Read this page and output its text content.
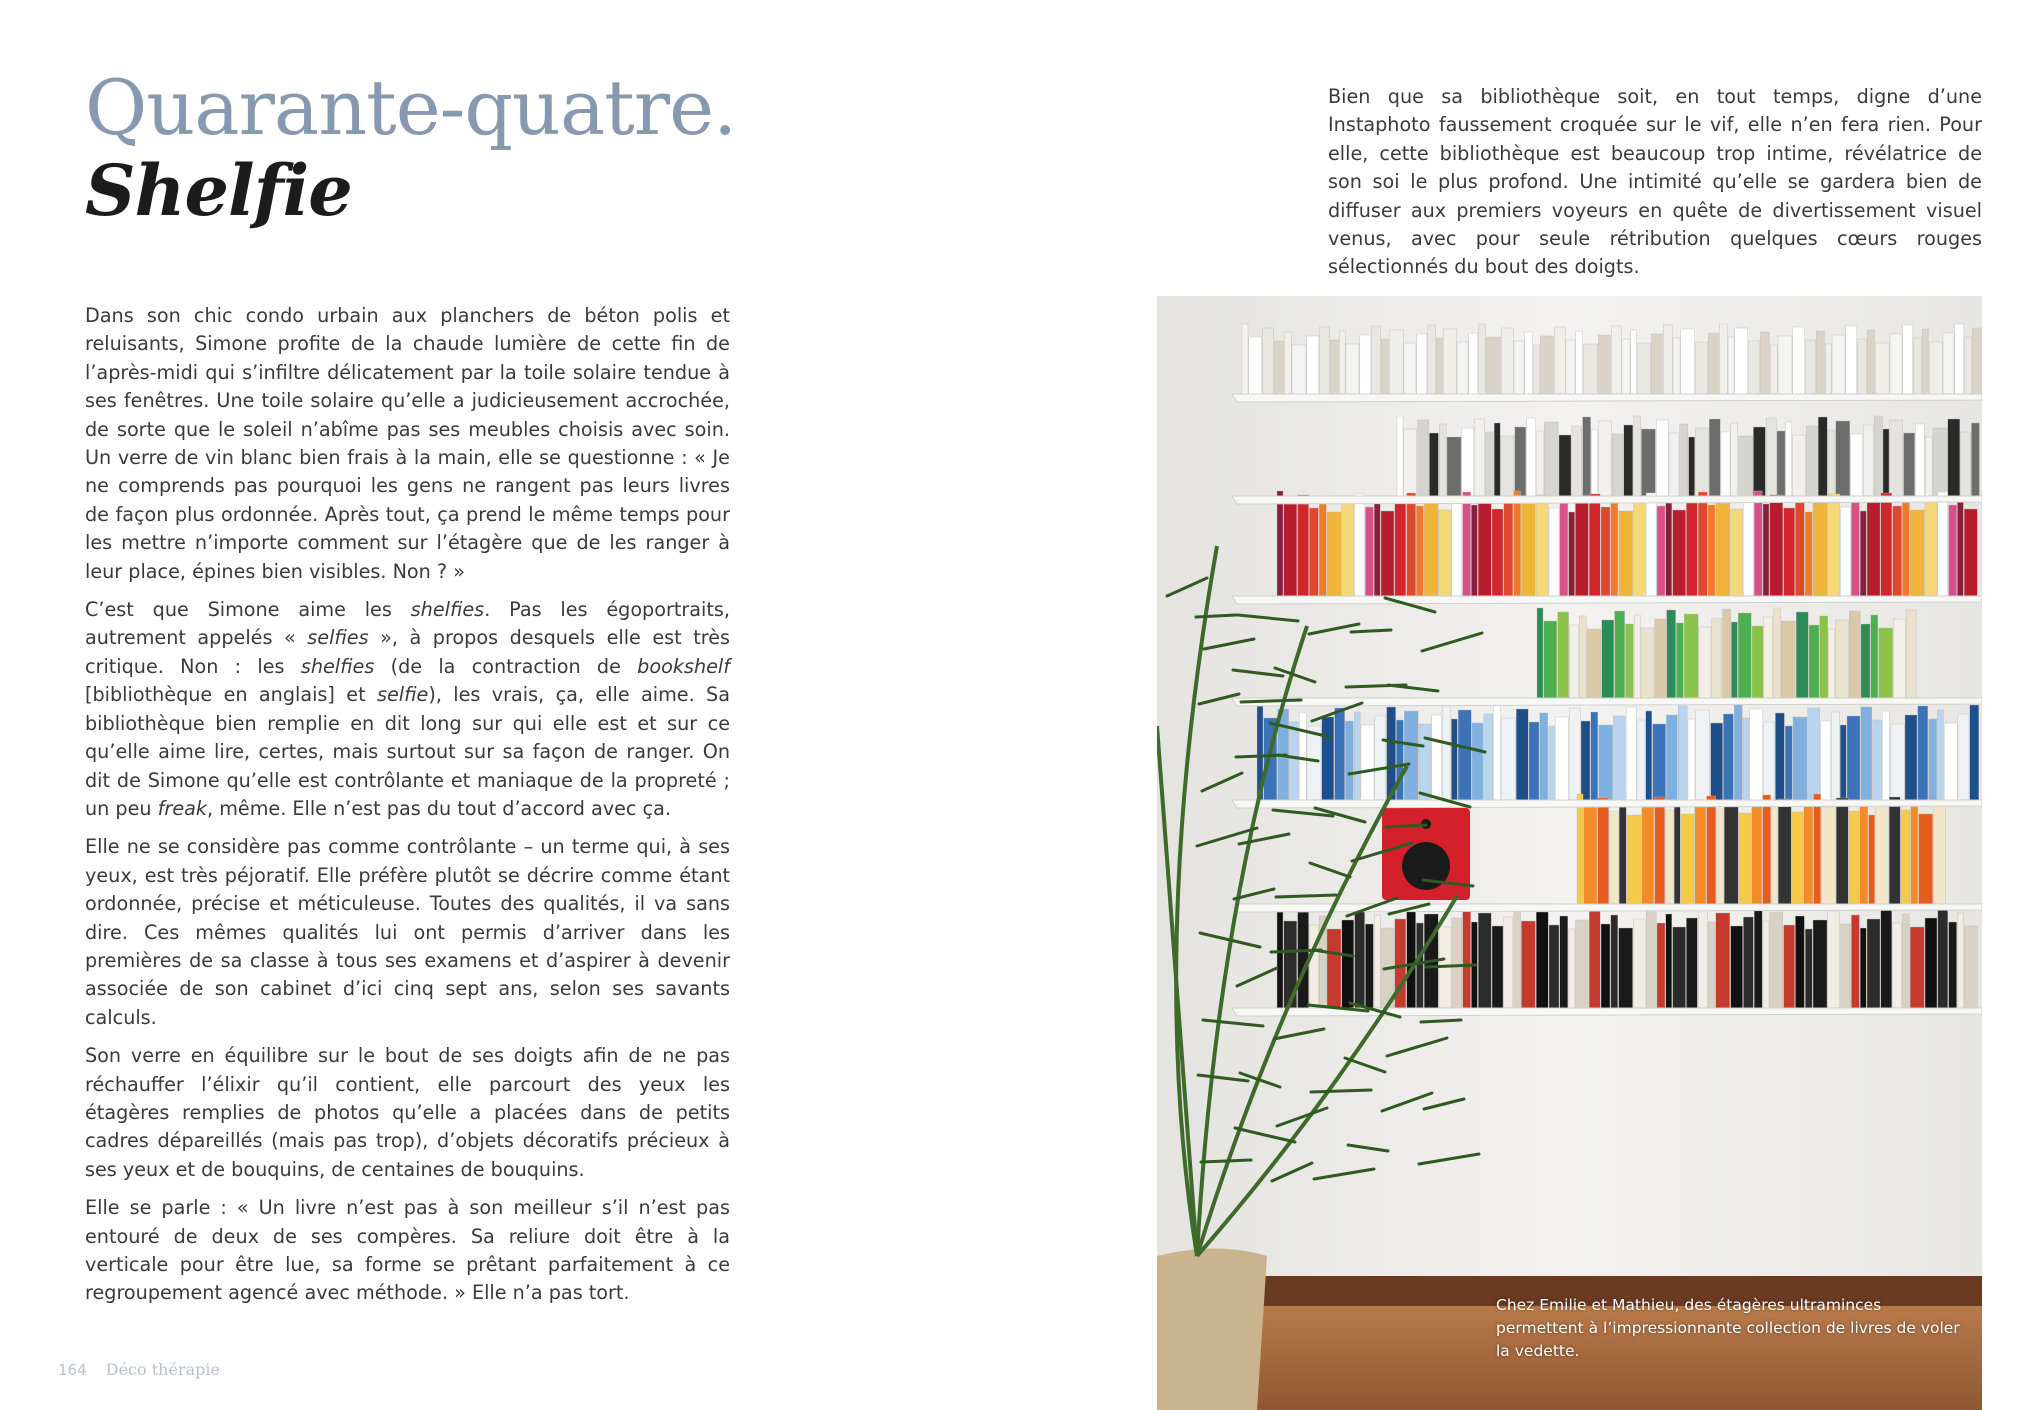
Quarante-quatre.
Shelfie

Dans son chic condo urbain aux planchers de béton polis et reluisants, Simone profite de la chaude lumière de cette fin de l’après-midi qui s’infiltre délicatement par la toile solaire tendue à ses fenêtres. Une toile solaire qu’elle a judicieusement accrochée, de sorte que le soleil n’abîme pas ses meubles choisis avec soin. Un verre de vin blanc bien frais à la main, elle se questionne : « Je ne comprends pas pourquoi les gens ne rangent pas leurs livres de façon plus ordonnée. Après tout, ça prend le même temps pour les mettre n’importe comment sur l’étagère que de les ranger à leur place, épines bien visibles. Non ? »

C’est que Simone aime les shelfies. Pas les égoportraits, autrement appelés « selfies », à propos desquels elle est très critique. Non : les shelfies (de la contraction de bookshelf [bibliothèque en anglais] et selfie), les vrais, ça, elle aime. Sa bibliothèque bien remplie en dit long sur qui elle est et sur ce qu’elle aime lire, certes, mais surtout sur sa façon de ranger. On dit de Simone qu’elle est contrôlante et maniaque de la propreté ; un peu freak, même. Elle n’est pas du tout d’accord avec ça.

Elle ne se considère pas comme contrôlante – un terme qui, à ses yeux, est très péjoratif. Elle préfère plutôt se décrire comme étant ordonnée, précise et méticuleuse. Toutes des qualités, il va sans dire. Ces mêmes qualités lui ont permis d’arriver dans les premières de sa classe à tous ses examens et d’aspirer à devenir associée de son cabinet d’ici cinq sept ans, selon ses savants calculs.

Son verre en équilibre sur le bout de ses doigts afin de ne pas réchauffer l’élixir qu’il contient, elle parcourt des yeux les étagères remplies de photos qu’elle a placées dans de petits cadres dépareillés (mais pas trop), d’objets décoratifs précieux à ses yeux et de bouquins, de centaines de bouquins.

Elle se parle : « Un livre n’est pas à son meilleur s’il n’est pas entouré de deux de ses compères. Sa reliure doit être à la verticale pour être lue, sa forme se prêtant parfaitement à ce regroupement agencé avec méthode. » Elle n’a pas tort.

164 Déco thérapie

Bien que sa bibliothèque soit, en tout temps, digne d’une Instaphoto faussement croquée sur le vif, elle n’en fera rien. Pour elle, cette bibliothèque est beaucoup trop intime, révélatrice de son soi le plus profond. Une intimité qu’elle se gardera bien de diffuser aux premiers voyeurs en quête de divertissement visuel venus, avec pour seule rétribution quelques cœurs rouges sélectionnés du bout des doigts.

Chez Emilie et Mathieu, des étagères ultraminces permettent à l’impressionnante collection de livres de voler la vedette.
